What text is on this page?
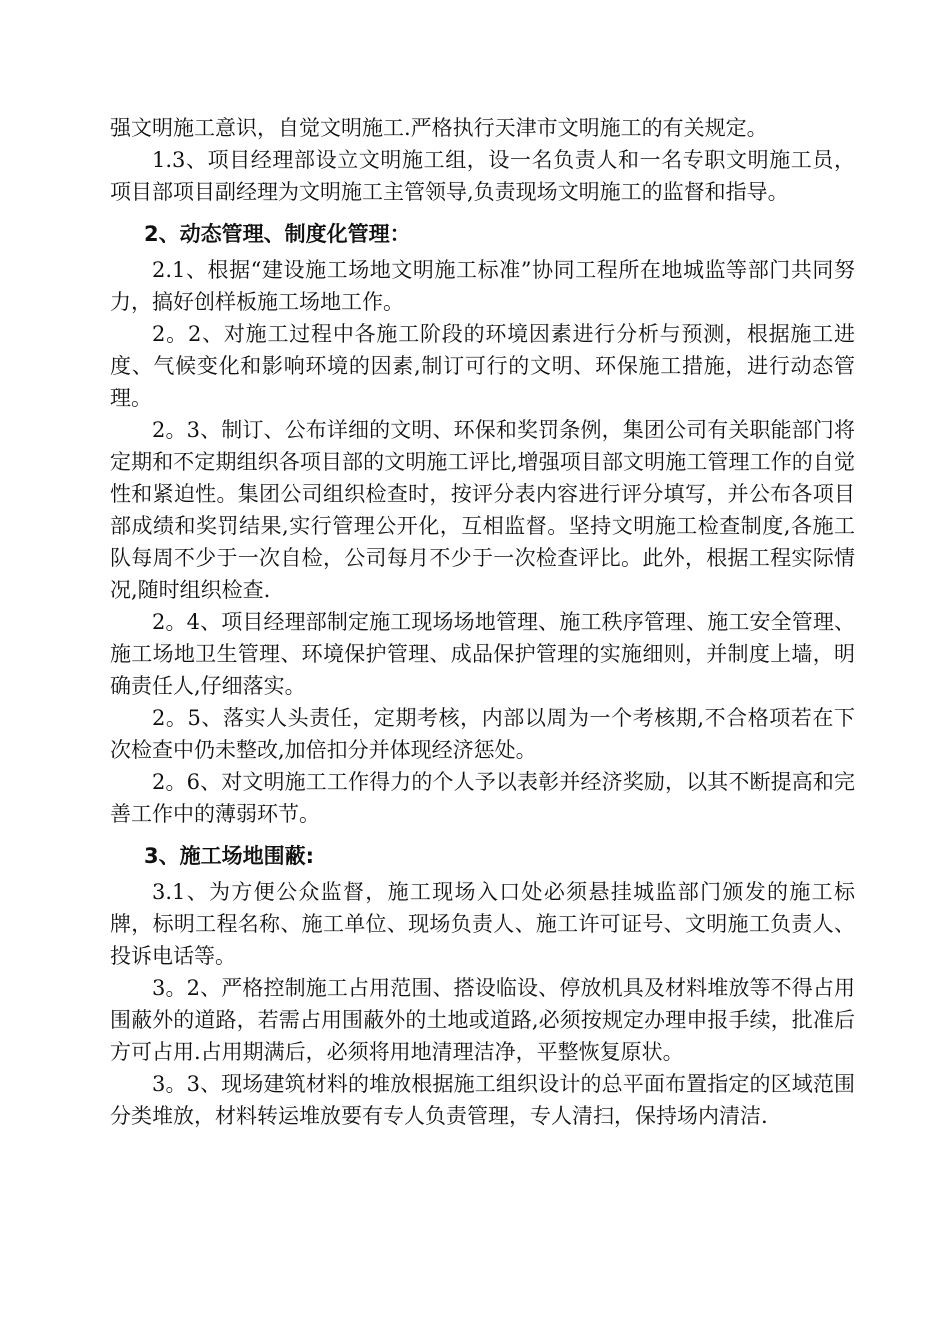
强文明施工意识，自觉文明施工.严格执行天津市文明施工的有关规定。

1.3、项目经理部设立文明施工组，设一名负责人和一名专职文明施工员，项目部项目副经理为文明施工主管领导,负责现场文明施工的监督和指导。

2、动态管理、制度化管理：

2.1、根据“建设施工场地文明施工标准”协同工程所在地城监等部门共同努力，搞好创样板施工场地工作。

2。2、对施工过程中各施工阶段的环境因素进行分析与预测，根据施工进度、气候变化和影响环境的因素,制订可行的文明、环保施工措施，进行动态管理。

2。3、制订、公布详细的文明、环保和奖罚条例，集团公司有关职能部门将定期和不定期组织各项目部的文明施工评比,增强项目部文明施工管理工作的自觉性和紧迫性。集团公司组织检查时，按评分表内容进行评分填写，并公布各项目部成绩和奖罚结果,实行管理公开化，互相监督。坚持文明施工检查制度,各施工队每周不少于一次自检，公司每月不少于一次检查评比。此外，根据工程实际情况,随时组织检查.

2。4、项目经理部制定施工现场场地管理、施工秩序管理、施工安全管理、施工场地卫生管理、环境保护管理、成品保护管理的实施细则，并制度上墙，明确责任人,仔细落实。

2。5、落实人头责任，定期考核，内部以周为一个考核期,不合格项若在下次检查中仍未整改,加倍扣分并体现经济惩处。

2。6、对文明施工工作得力的个人予以表彰并经济奖励，以其不断提高和完善工作中的薄弱环节。

3、施工场地围蔽:

3.1、为方便公众监督，施工现场入口处必须悬挂城监部门颁发的施工标牌，标明工程名称、施工单位、现场负责人、施工许可证号、文明施工负责人、投诉电话等。

3。2、严格控制施工占用范围、搭设临设、停放机具及材料堆放等不得占用围蔽外的道路，若需占用围蔽外的土地或道路,必须按规定办理申报手续，批准后方可占用.占用期满后，必须将用地清理洁净，平整恢复原状。

3。3、现场建筑材料的堆放根据施工组织设计的总平面布置指定的区域范围分类堆放，材料转运堆放要有专人负责管理，专人清扫，保持场内清洁.
